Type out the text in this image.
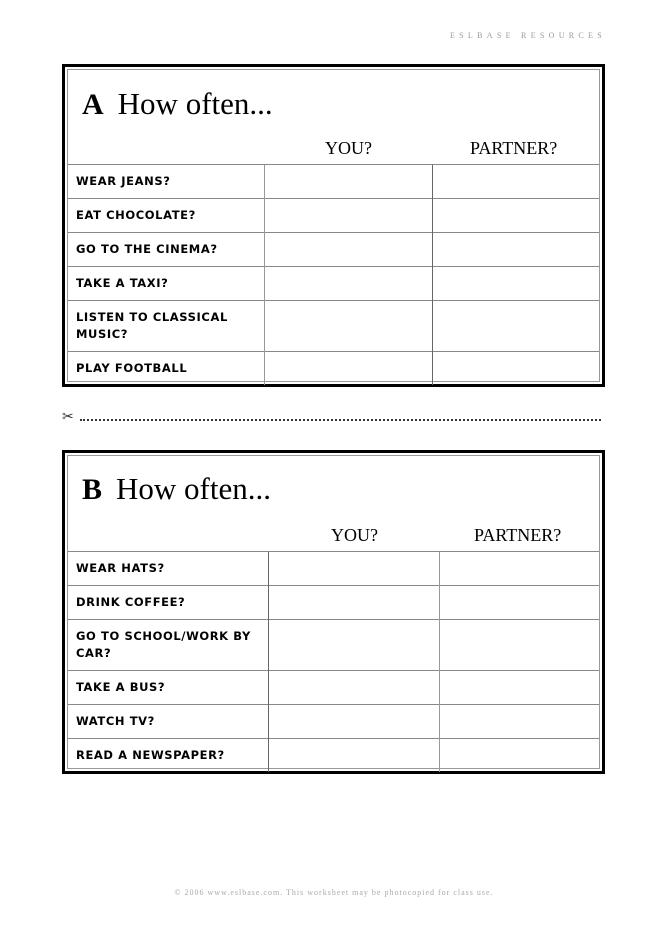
ESLBASE RESOURCES
A How often...
YOU?	PARTNER?
WEAR JEANS?		
EAT CHOCOLATE?		
GO TO THE CINEMA?		
TAKE A TAXI?		
LISTEN TO CLASSICAL MUSIC?		
PLAY FOOTBALL		
✂
B How often...
YOU?	PARTNER?
WEAR HATS?		
DRINK COFFEE?		
GO TO SCHOOL/WORK BY CAR?		
TAKE A BUS?		
WATCH TV?		
READ A NEWSPAPER?		
© 2006 www.eslbase.com. This worksheet may be photocopied for class use.
